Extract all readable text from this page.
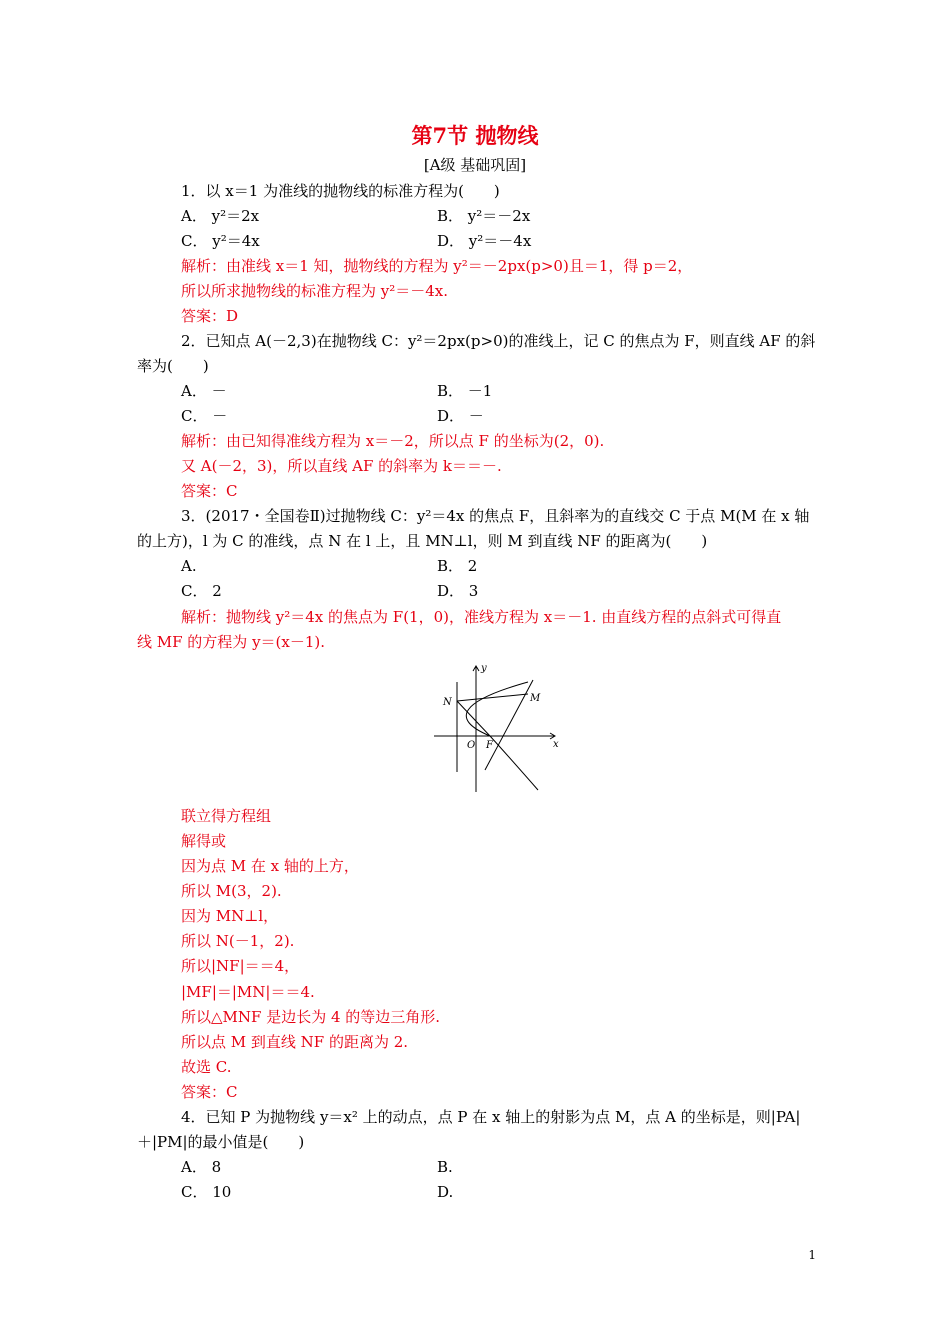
第7节 抛物线
[A级 基础巩固]
1．以 x＝1 为准线的抛物线的标准方程为(　　)
A． y²＝2x	B． y²＝－2x
C． y²＝4x	D． y²＝－4x
解析：由准线 x＝1 知，抛物线的方程为 y²＝－2px(p>0)且＝1，得 p＝2，
所以所求抛物线的标准方程为 y²＝－4x.
答案：D
2．已知点 A(－2,3)在抛物线 C：y²＝2px(p>0)的准线上，记 C 的焦点为 F，则直线 AF 的斜
率为(　　)
A． －	B． －1
C． －	D． －
解析：由已知得准线方程为 x＝－2，所以点 F 的坐标为(2，0).
又 A(－2，3)，所以直线 AF 的斜率为 k＝＝－.
答案：C
3．(2017・全国卷Ⅱ)过抛物线 C：y²＝4x 的焦点 F，且斜率为的直线交 C 于点 M(M 在 x 轴
的上方)，l 为 C 的准线，点 N 在 l 上，且 MN⊥l，则 M 到直线 NF 的距离为(　　)
A.	B． 2
C． 2	D． 3
解析：抛物线 y²＝4x 的焦点为 F(1，0)，准线方程为 x＝－1. 由直线方程的点斜式可得直
线 MF 的方程为 y＝(x－1).
y
x
N	M
O F
联立得方程组
解得或
因为点 M 在 x 轴的上方，
所以 M(3，2).
因为 MN⊥l，
所以 N(－1，2).
所以|NF|＝＝4，
|MF|＝|MN|＝＝4.
所以△MNF 是边长为 4 的等边三角形.
所以点 M 到直线 NF 的距离为 2.
故选 C.
答案：C
4．已知 P 为抛物线 y＝x² 上的动点，点 P 在 x 轴上的射影为点 M，点 A 的坐标是，则|PA|
＋|PM|的最小值是(　　)
A． 8	B.
C． 10	D.
1
